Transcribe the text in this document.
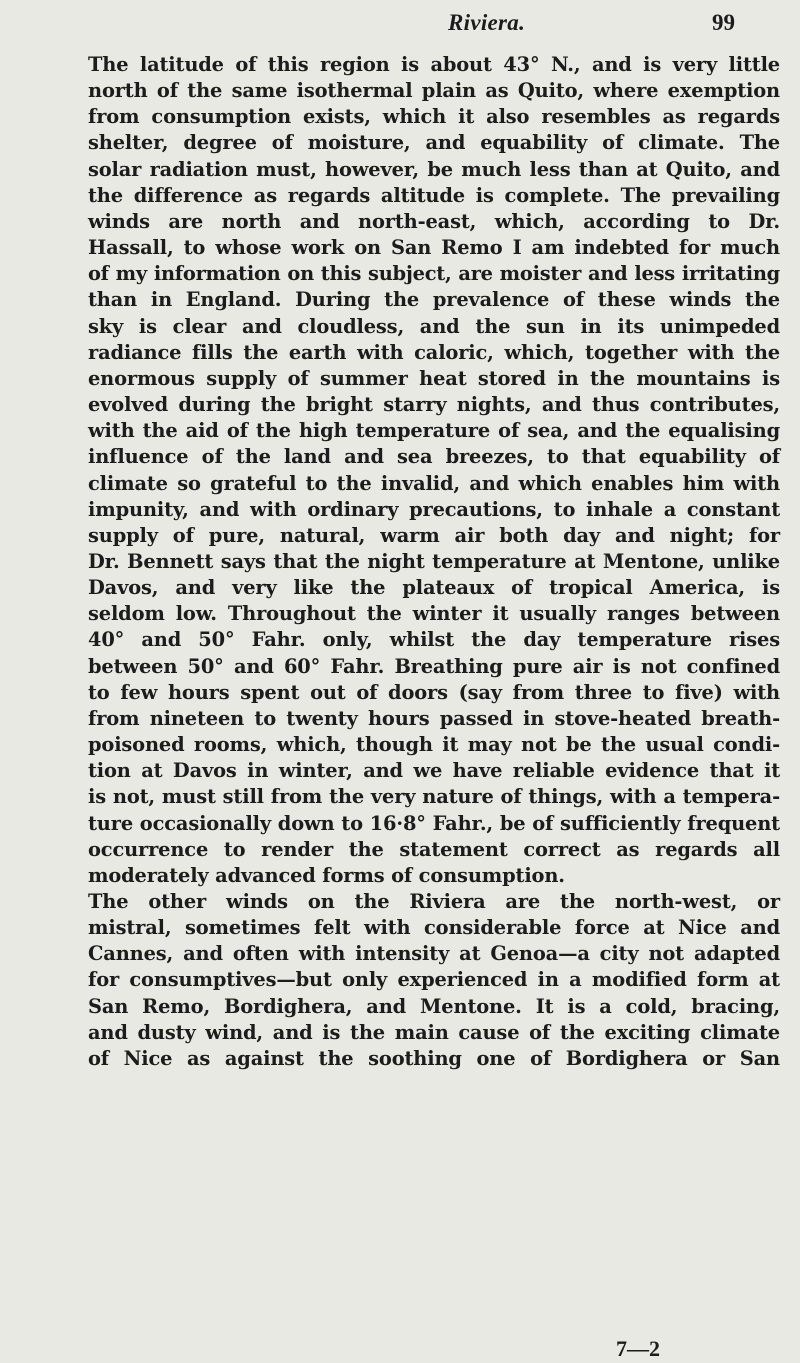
Riviera.	99
The latitude of this region is about 43° N., and is very little
north of the same isothermal plain as Quito, where exemption
from consumption exists, which it also resembles as regards
shelter, degree of moisture, and equability of climate. The
solar radiation must, however, be much less than at Quito, and
the difference as regards altitude is complete. The prevailing
winds are north and north-east, which, according to Dr.
Hassall, to whose work on San Remo I am indebted for much
of my information on this subject, are moister and less irritating
than in England. During the prevalence of these winds the
sky is clear and cloudless, and the sun in its unimpeded
radiance fills the earth with caloric, which, together with the
enormous supply of summer heat stored in the mountains is
evolved during the bright starry nights, and thus contributes,
with the aid of the high temperature of sea, and the equalising
influence of the land and sea breezes, to that equability of
climate so grateful to the invalid, and which enables him with
impunity, and with ordinary precautions, to inhale a constant
supply of pure, natural, warm air both day and night; for
Dr. Bennett says that the night temperature at Mentone, unlike
Davos, and very like the plateaux of tropical America, is
seldom low. Throughout the winter it usually ranges between
40° and 50° Fahr. only, whilst the day temperature rises
between 50° and 60° Fahr. Breathing pure air is not confined
to few hours spent out of doors (say from three to five) with
from nineteen to twenty hours passed in stove-heated breath-
poisoned rooms, which, though it may not be the usual condi-
tion at Davos in winter, and we have reliable evidence that it
is not, must still from the very nature of things, with a tempera-
ture occasionally down to 16·8° Fahr., be of sufficiently frequent
occurrence to render the statement correct as regards all
moderately advanced forms of consumption.
The other winds on the Riviera are the north-west, or
mistral, sometimes felt with considerable force at Nice and
Cannes, and often with intensity at Genoa—a city not adapted
for consumptives—but only experienced in a modified form at
San Remo, Bordighera, and Mentone. It is a cold, bracing,
and dusty wind, and is the main cause of the exciting climate
of Nice as against the soothing one of Bordighera or San
7—2
